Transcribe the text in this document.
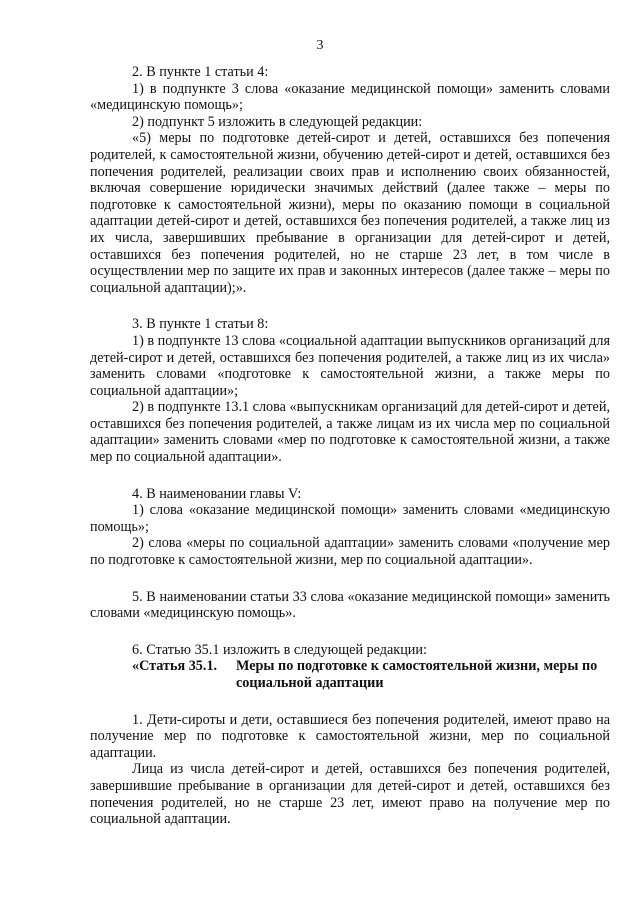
3

2. В пункте 1 статьи 4:

1) в подпункте 3 слова «оказание медицинской помощи» заменить словами «медицинскую помощь»;

2) подпункт 5 изложить в следующей редакции:

«5) меры по подготовке детей-сирот и детей, оставшихся без попечения родителей, к самостоятельной жизни, обучению детей-сирот и детей, оставшихся без попечения родителей, реализации своих прав и исполнению своих обязанностей, включая совершение юридически значимых действий (далее также – меры по подготовке к самостоятельной жизни), меры по оказанию помощи в социальной адаптации детей-сирот и детей, оставшихся без попечения родителей, а также лиц из их числа, завершивших пребывание в организации для детей-сирот и детей, оставшихся без попечения родителей, но не старше 23 лет, в том числе в осуществлении мер по защите их прав и законных интересов (далее также – меры по социальной адаптации);».

3. В пункте 1 статьи 8:

1) в подпункте 13 слова «социальной адаптации выпускников организаций для детей-сирот и детей, оставшихся без попечения родителей, а также лиц из их числа» заменить словами «подготовке к самостоятельной жизни, а также меры по социальной адаптации»;

2) в подпункте 13.1 слова «выпускникам организаций для детей-сирот и детей, оставшихся без попечения родителей, а также лицам из их числа мер по социальной адаптации» заменить словами «мер по подготовке к самостоятельной жизни, а также мер по социальной адаптации».

4. В наименовании главы V:

1) слова «оказание медицинской помощи» заменить словами «медицинскую помощь»;

2) слова «меры по социальной адаптации» заменить словами «получение мер по подготовке к самостоятельной жизни, мер по социальной адаптации».

5. В наименовании статьи 33 слова «оказание медицинской помощи» заменить словами «медицинскую помощь».

6. Статью 35.1 изложить в следующей редакции:

«Статья 35.1.	Меры по подготовке к самостоятельной жизни, меры по социальной адаптации

1. Дети-сироты и дети, оставшиеся без попечения родителей, имеют право на получение мер по подготовке к самостоятельной жизни, мер по социальной адаптации.

Лица из числа детей-сирот и детей, оставшихся без попечения родителей, завершившие пребывание в организации для детей-сирот и детей, оставшихся без попечения родителей, но не старше 23 лет, имеют право на получение мер по социальной адаптации.
